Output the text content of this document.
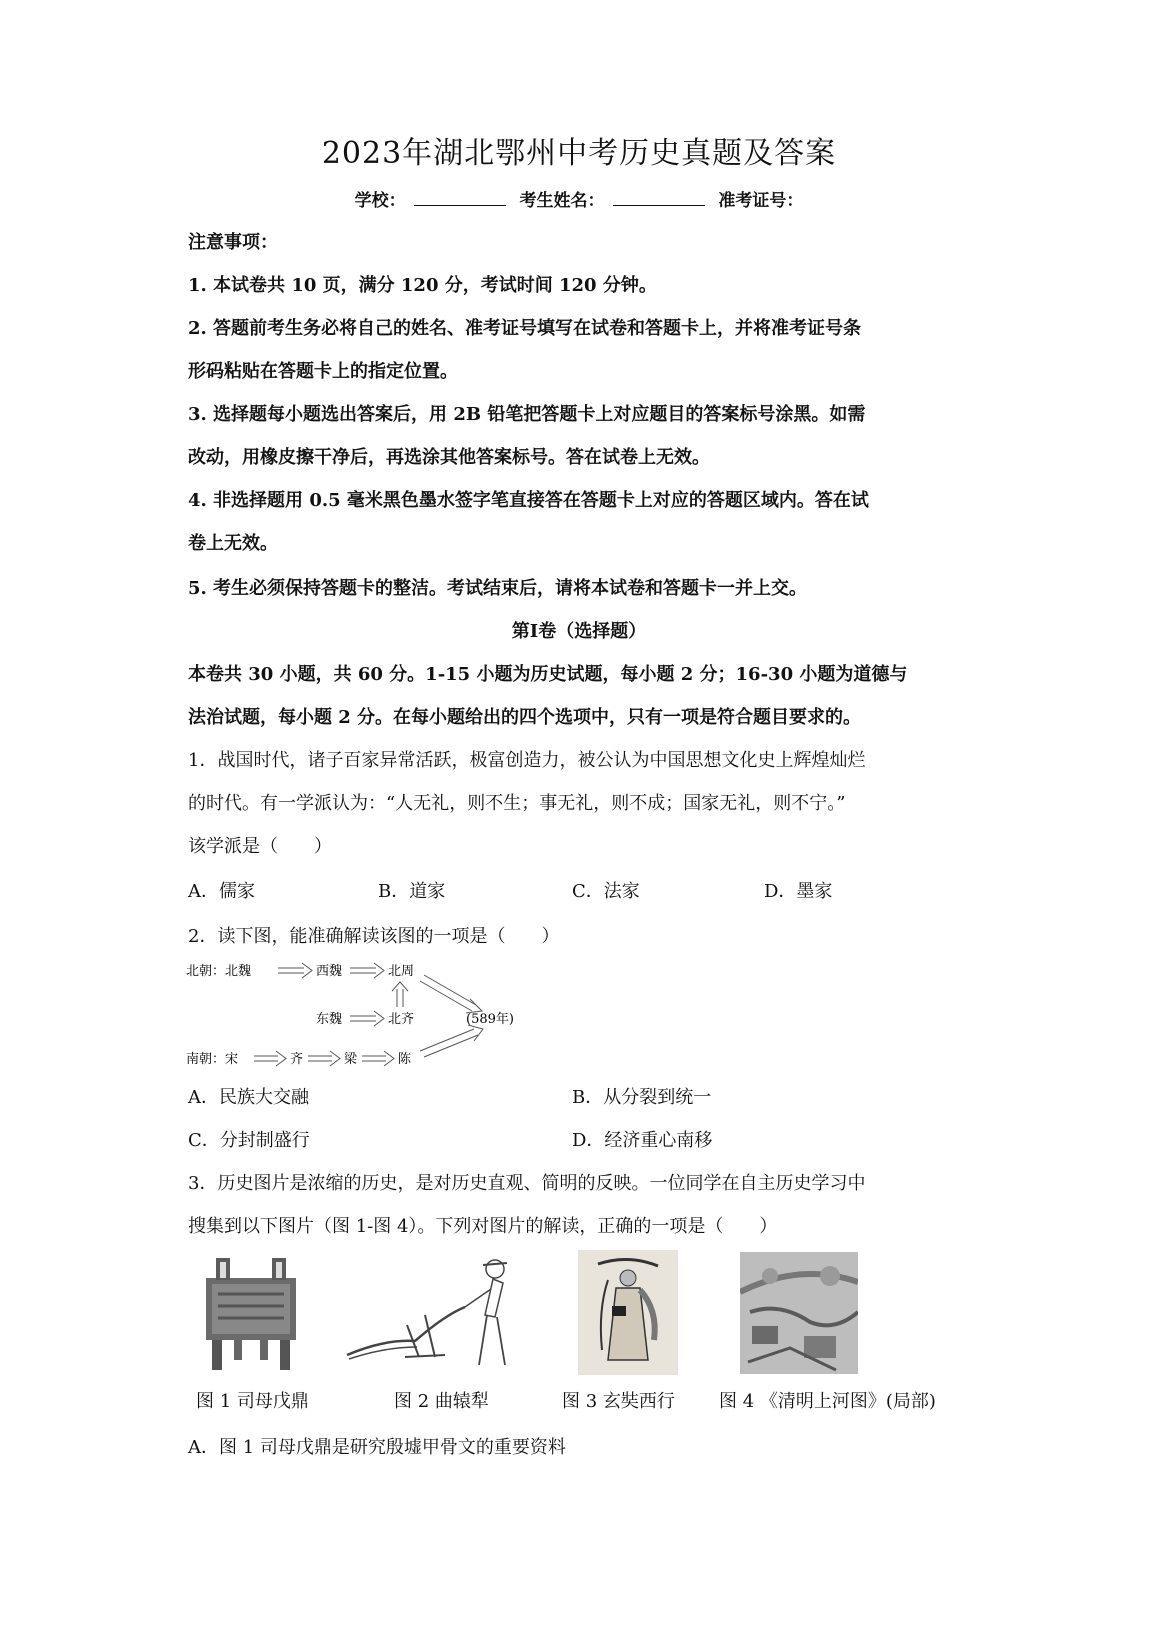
2023年湖北鄂州中考历史真题及答案
学校：	考生姓名：	准考证号：
注意事项：
1. 本试卷共 10 页，满分 120 分，考试时间 120 分钟。
2. 答题前考生务必将自己的姓名、准考证号填写在试卷和答题卡上，并将准考证号条
形码粘贴在答题卡上的指定位置。
3. 选择题每小题选出答案后，用 2B 铅笔把答题卡上对应题目的答案标号涂黑。如需
改动，用橡皮擦干净后，再选涂其他答案标号。答在试卷上无效。
4. 非选择题用 0.5 毫米黑色墨水签字笔直接答在答题卡上对应的答题区域内。答在试
卷上无效。
5. 考生必须保持答题卡的整洁。考试结束后，请将本试卷和答题卡一并上交。
第Ⅰ卷（选择题）
本卷共 30 小题，共 60 分。1-15 小题为历史试题，每小题 2 分；16-30 小题为道德与
法治试题，每小题 2 分。在每小题给出的四个选项中，只有一项是符合题目要求的。
1．战国时代，诸子百家异常活跃，极富创造力，被公认为中国思想文化史上辉煌灿烂
的时代。有一学派认为：“人无礼，则不生；事无礼，则不成；国家无礼，则不宁。”
该学派是（　　）
A．儒家	B．道家	C．法家	D．墨家
2．读下图，能准确解读该图的一项是（　　）
北朝：北魏	西魏	北周
东魏	北齐	(589年)
南朝：宋	齐	梁	陈
A．民族大交融	B．从分裂到统一
C．分封制盛行	D．经济重心南移
3．历史图片是浓缩的历史，是对历史直观、简明的反映。一位同学在自主历史学习中
搜集到以下图片（图 1-图 4）。下列对图片的解读，正确的一项是（　　）
图 1 司母戊鼎	图 2 曲辕犁	图 3 玄奘西行 图 4 《清明上河图》(局部)
A．图 1 司母戊鼎是研究殷墟甲骨文的重要资料
